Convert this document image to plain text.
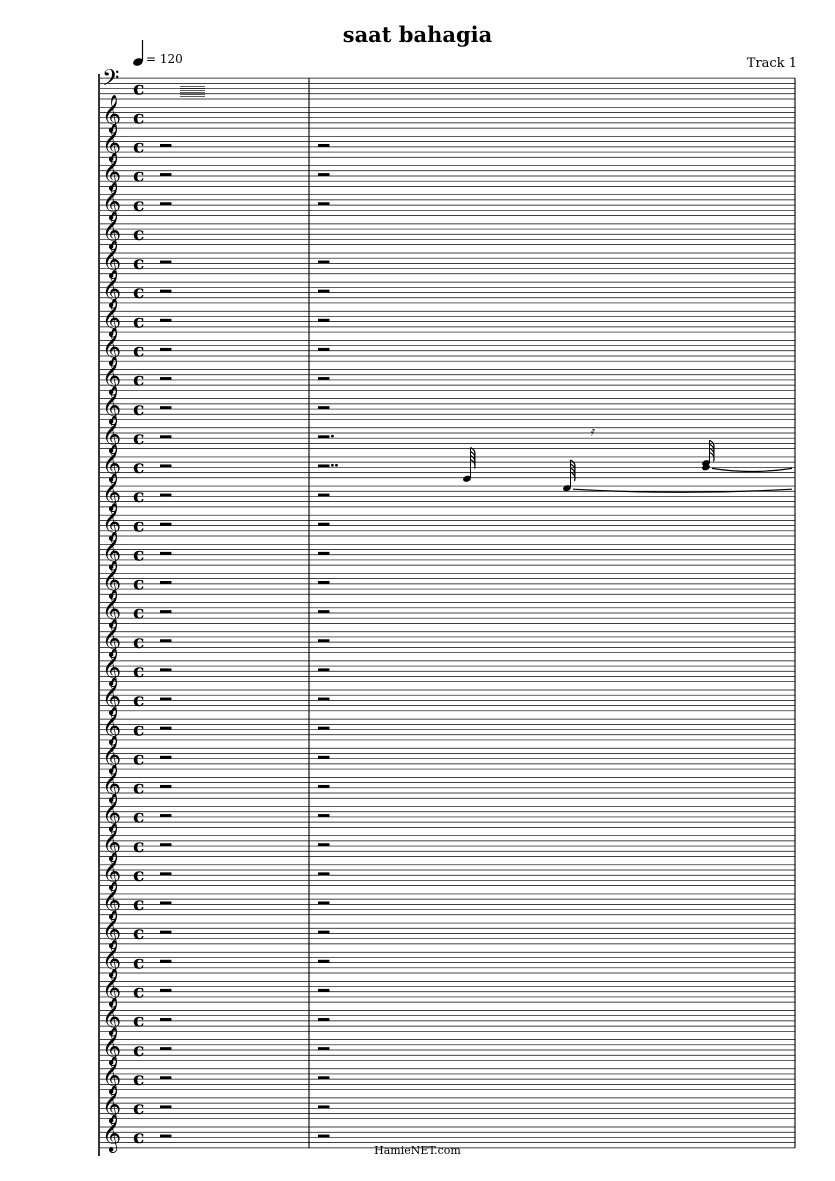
saat bahagia
Track 1
= 120
𝄢 c
𝄞 c
𝄞 c
𝄞 c
𝄞 c
𝄞 c
𝄞 c
𝄞 c
𝄞 c
𝄞 c
𝄞 c
𝄞 c
𝄞 c
𝄞 c
𝄞 c
𝄞 c
𝄞 c
𝄞 c
𝄞 c
𝄞 c
𝄞 c
𝄞 c
𝄞 c
𝄞 c
𝄞 c
𝄞 c
𝄞 c
𝄞 c
𝄞 c
𝄞 c
𝄞 c
𝄞 c
𝄞 c
𝄞 c
𝄞 c
𝄞 c
𝄞 c
𝄿
HamieNET.com
